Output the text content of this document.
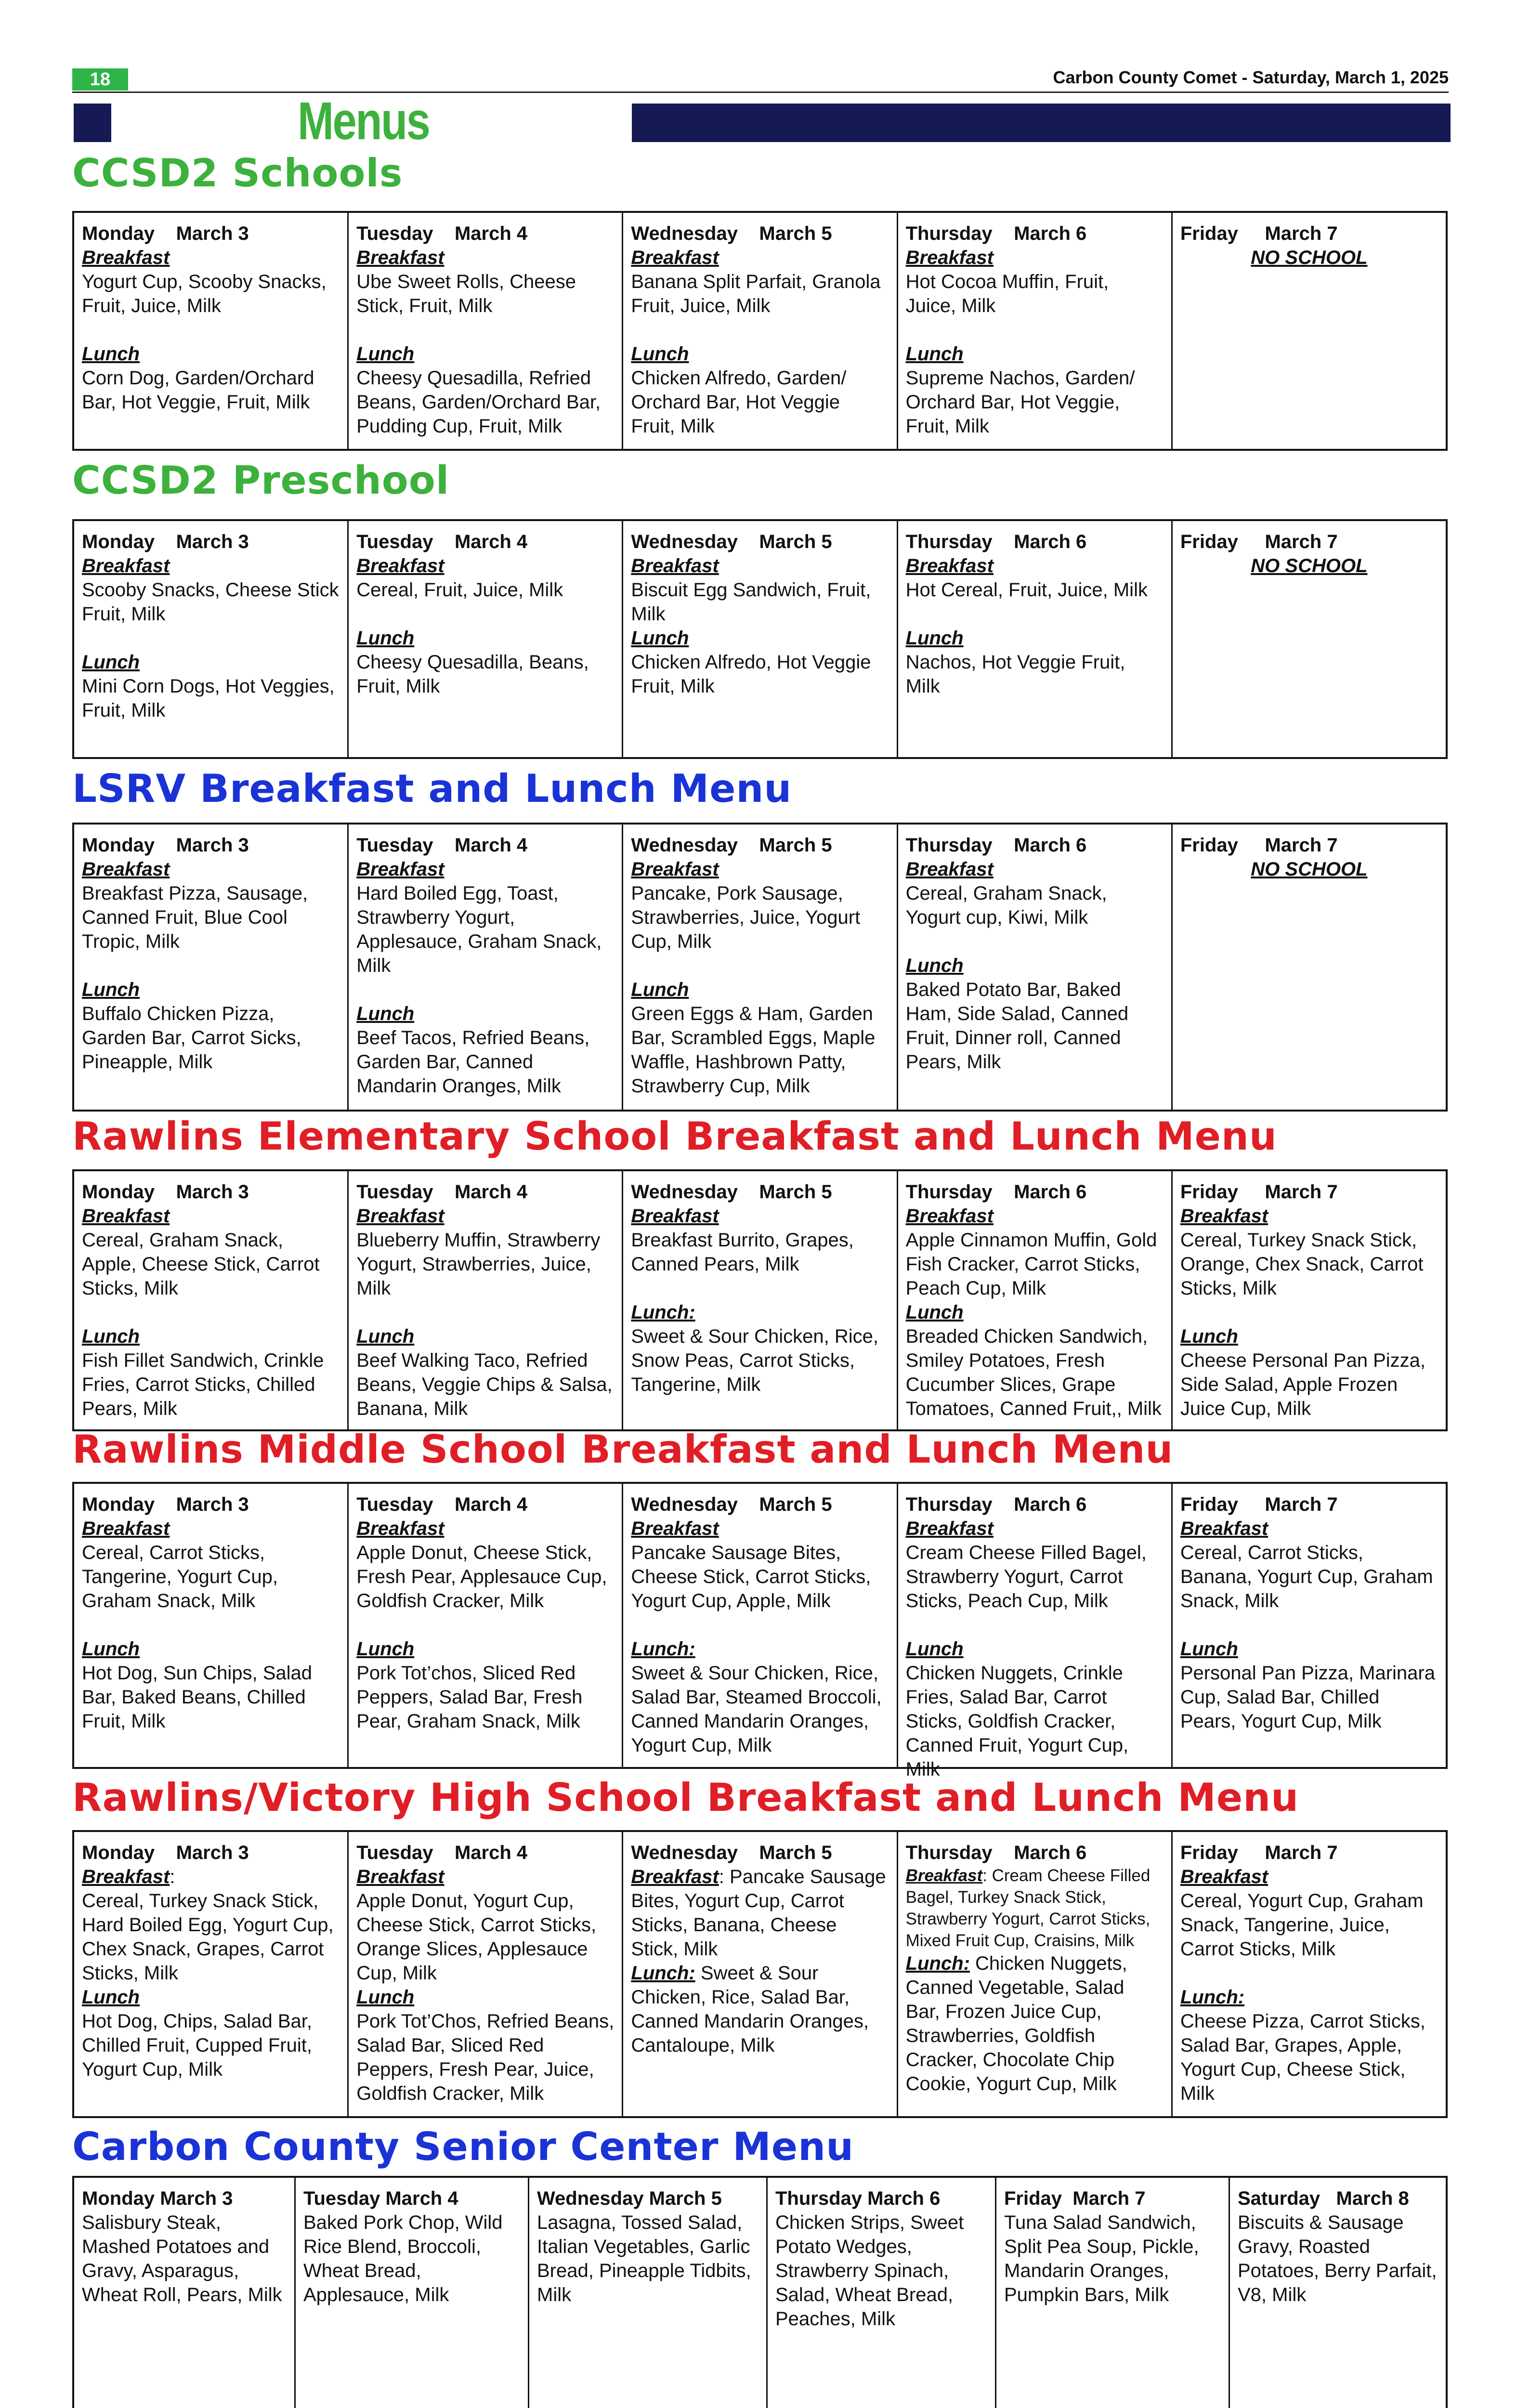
18	Carbon County Comet - Saturday, March 1, 2025
Menus
CCSD2 Schools
Monday    March 3
Breakfast
Yogurt Cup, Scooby Snacks, Fruit, Juice, Milk
Lunch
Corn Dog, Garden/Orchard Bar, Hot Veggie, Fruit, Milk
Tuesday    March 4
Breakfast
Ube Sweet Rolls, Cheese Stick, Fruit, Milk
Lunch
Cheesy Quesadilla, Refried Beans, Garden/Orchard Bar, Pudding Cup, Fruit, Milk
Wednesday    March 5
Breakfast
Banana Split Parfait, Granola Fruit, Juice, Milk
Lunch
Chicken Alfredo, Garden/ Orchard Bar, Hot Veggie Fruit, Milk
Thursday    March 6
Breakfast
Hot Cocoa Muffin, Fruit, Juice, Milk
Lunch
Supreme Nachos, Garden/ Orchard Bar, Hot Veggie, Fruit, Milk
Friday     March 7
NO SCHOOL
CCSD2 Preschool
Monday    March 3
Breakfast
Scooby Snacks, Cheese Stick Fruit, Milk
Lunch
Mini Corn Dogs, Hot Veggies, Fruit, Milk
Tuesday    March 4
Breakfast
Cereal, Fruit, Juice, Milk
Lunch
Cheesy Quesadilla, Beans, Fruit, Milk
Wednesday    March 5
Breakfast
Biscuit Egg Sandwich, Fruit, Milk
Lunch
Chicken Alfredo, Hot Veggie Fruit, Milk
Thursday    March 6
Breakfast
Hot Cereal, Fruit, Juice, Milk
Lunch
Nachos, Hot Veggie Fruit, Milk
Friday     March 7
NO SCHOOL
LSRV Breakfast and Lunch Menu
Monday    March 3
Breakfast
Breakfast Pizza, Sausage, Canned Fruit, Blue Cool Tropic, Milk
Lunch
Buffalo Chicken Pizza, Garden Bar, Carrot Sicks, Pineapple, Milk
Tuesday    March 4
Breakfast
Hard Boiled Egg, Toast, Strawberry Yogurt, Applesauce, Graham Snack, Milk
Lunch
Beef Tacos, Refried Beans, Garden Bar, Canned Mandarin Oranges, Milk
Wednesday    March 5
Breakfast
Pancake, Pork Sausage, Strawberries, Juice, Yogurt Cup, Milk
Lunch
Green Eggs & Ham, Garden Bar, Scrambled Eggs, Maple Waffle, Hashbrown Patty, Strawberry Cup, Milk
Thursday    March 6
Breakfast
Cereal, Graham Snack, Yogurt cup, Kiwi, Milk
Lunch
Baked Potato Bar, Baked Ham, Side Salad, Canned Fruit, Dinner roll, Canned Pears, Milk
Friday     March 7
NO SCHOOL
Rawlins Elementary School Breakfast and Lunch Menu
Monday    March 3
Breakfast
Cereal, Graham Snack, Apple, Cheese Stick, Carrot Sticks, Milk
Lunch
Fish Fillet Sandwich, Crinkle Fries, Carrot Sticks, Chilled Pears, Milk
Tuesday    March 4
Breakfast
Blueberry Muffin, Strawberry Yogurt, Strawberries, Juice, Milk
Lunch
Beef Walking Taco, Refried Beans, Veggie Chips & Salsa, Banana, Milk
Wednesday    March 5
Breakfast
Breakfast Burrito, Grapes, Canned Pears, Milk
Lunch:
Sweet & Sour Chicken, Rice, Snow Peas, Carrot Sticks, Tangerine, Milk
Thursday    March 6
Breakfast
Apple Cinnamon Muffin, Gold Fish Cracker, Carrot Sticks, Peach Cup, Milk
Lunch
Breaded Chicken Sandwich, Smiley Potatoes, Fresh Cucumber Slices, Grape Tomatoes, Canned Fruit,, Milk
Friday     March 7
Breakfast
Cereal, Turkey Snack Stick, Orange, Chex Snack, Carrot Sticks, Milk
Lunch
Cheese Personal Pan Pizza, Side Salad, Apple Frozen Juice Cup, Milk
Rawlins Middle School Breakfast and Lunch Menu
Monday    March 3
Breakfast
Cereal, Carrot Sticks, Tangerine, Yogurt Cup, Graham Snack, Milk
Lunch
Hot Dog, Sun Chips, Salad Bar, Baked Beans, Chilled Fruit, Milk
Tuesday    March 4
Breakfast
Apple Donut, Cheese Stick, Fresh Pear, Applesauce Cup, Goldfish Cracker, Milk
Lunch
Pork Tot’chos, Sliced Red Peppers, Salad Bar, Fresh Pear, Graham Snack, Milk
Wednesday    March 5
Breakfast
Pancake Sausage Bites, Cheese Stick, Carrot Sticks, Yogurt Cup, Apple, Milk
Lunch:
Sweet & Sour Chicken, Rice, Salad Bar, Steamed Broccoli, Canned Mandarin Oranges, Yogurt Cup, Milk
Thursday    March 6
Breakfast
Cream Cheese Filled Bagel, Strawberry Yogurt, Carrot Sticks, Peach Cup, Milk
Lunch
Chicken Nuggets, Crinkle Fries, Salad Bar, Carrot Sticks, Goldfish Cracker, Canned Fruit, Yogurt Cup, Milk
Friday     March 7
Breakfast
Cereal, Carrot Sticks, Banana, Yogurt Cup, Graham Snack, Milk
Lunch
Personal Pan Pizza, Marinara Cup, Salad Bar, Chilled Pears, Yogurt Cup, Milk
Rawlins/Victory High School Breakfast and Lunch Menu
Monday    March 3
Breakfast:
Cereal, Turkey Snack Stick, Hard Boiled Egg, Yogurt Cup, Chex Snack, Grapes, Carrot Sticks, Milk
Lunch
Hot Dog, Chips, Salad Bar, Chilled Fruit, Cupped Fruit, Yogurt Cup, Milk
Tuesday    March 4
Breakfast
Apple Donut, Yogurt Cup, Cheese Stick, Carrot Sticks, Orange Slices, Applesauce Cup, Milk
Lunch
Pork Tot’Chos, Refried Beans, Salad Bar, Sliced Red Peppers, Fresh Pear, Juice, Goldfish Cracker, Milk
Wednesday    March 5
Breakfast: Pancake Sausage Bites, Yogurt Cup, Carrot Sticks, Banana, Cheese Stick, Milk
Lunch: Sweet & Sour Chicken, Rice, Salad Bar, Canned Mandarin Oranges, Cantaloupe, Milk
Thursday    March 6
Breakfast: Cream Cheese Filled Bagel, Turkey Snack Stick, Strawberry Yogurt, Carrot Sticks, Mixed Fruit Cup, Craisins, Milk
Lunch: Chicken Nuggets, Canned Vegetable, Salad Bar, Frozen Juice Cup, Strawberries, Goldfish Cracker, Chocolate Chip Cookie, Yogurt Cup, Milk
Friday     March 7
Breakfast
Cereal, Yogurt Cup, Graham Snack, Tangerine, Juice, Carrot Sticks, Milk
Lunch:
Cheese Pizza, Carrot Sticks, Salad Bar, Grapes, Apple, Yogurt Cup, Cheese Stick, Milk
Carbon County Senior Center Menu
Monday March 3
Salisbury Steak, Mashed Potatoes and Gravy, Asparagus, Wheat Roll, Pears, Milk
Tuesday March 4
Baked Pork Chop, Wild Rice Blend, Broccoli, Wheat Bread, Applesauce, Milk
Wednesday March 5
Lasagna, Tossed Salad, Italian Vegetables, Garlic Bread, Pineapple Tidbits, Milk
Thursday March 6
Chicken Strips, Sweet Potato Wedges, Strawberry Spinach, Salad, Wheat Bread, Peaches, Milk
Friday  March 7
Tuna Salad Sandwich, Split Pea Soup, Pickle, Mandarin Oranges, Pumpkin Bars, Milk
Saturday   March 8
Biscuits & Sausage Gravy, Roasted Potatoes, Berry Parfait, V8, Milk
